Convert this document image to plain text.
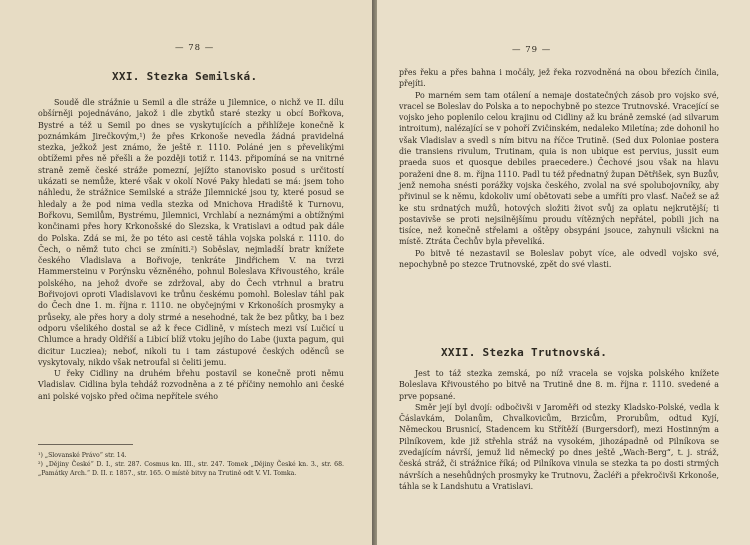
— 78 —
XXI. Stezka Semilská.
Soudě dle strážnie u Semil a dle stráže u Jilemnice, o nichž ve II. dílu obšírněji pojednáváno, jakož i dle zbytků staré stezky u obcí Bořkova, Bystré a též u Semil po dnes se vyskytujících a přihlížeje konečně k poznámkám Jirečkovým,¹) že přes Krkonoše nevedla žádná pravidelná stezka, ježkož jest známo, že ještě r. 1110. Poláné jen s převelikými obtížemi přes ně přešli a že později totiž r. 1143. připomíná se na vnitrné straně země české stráže pomezní, jejížto stanovisko posud s určitostí ukázati se nemůže, které však v okolí Nové Paky hledati se má: jsem toho náhledu, že strážnice Semilské a stráže Jilemnické jsou ty, které posud se hledaly a že pod nima vedla stezka od Mnichova Hradiště k Turnovu, Bořkovu, Semilům, Bystrému, Jilemnici, Vrchlabí a neznámými a obtížnými končinami přes hory Krkonošské do Slezska, k Vratislavi a odtud pak dále do Polska. Zdá se mi, že po této asi cestě táhla vojska polská r. 1110. do Čech, o němž tuto chci se zmíniti.²) Soběslav, nejmladší bratr knížete českého Vladislava a Bořivoje, tenkráte Jindřichem V. na tvrzi Hammersteinu v Porýnsku vězněného, pohnul Boleslava Křivoustého, krále polského, na jehož dvoře se zdržoval, aby do Čech vtrhnul a bratru Bořivojovi oproti Vladislavovi ke trůnu českému pomohl. Boleslav táhl pak do Čech dne 1. m. října r. 1110. ne obyčejnými v Krkonoších prosmyky a průseky, ale přes hory a doly strmé a nesehodné, tak že bez půtky, ba i bez odporu všelikého dostal se až k řece Cidlině, v místech mezi vsí Lučicí u Chlumce a hrady Oldřiší a Libicí blíž vtoku jejího do Labe (juxta pagum, qui dicitur Lucziea); neboť, nikoli tu i tam zástupové českých oděnců se vyskytovaly, nikdo však netroufal si čeliti jemu.
U řeky Cidliny na druhém břehu postavil se konečně proti němu Vladislav. Cidlina byla tehdáž rozvodněna a z té příčiny nemohlo ani české ani polské vojsko před očima nepřítele svého
¹) „Slovanské Právo“ str. 14.
²) „Dějiny České“ D. I., str. 287. Cosmus kn. III., str. 247. Tomek „Dějiny České kn. 3., str. 68. „Památky Arch.“ D. II. r. 1857., str. 165. O místě bitvy na Trutině odt V. VI. Tomka.
— 79 —
přes řeku a přes bahna i močály, jež řeka rozvodněná na obou březích činila, přejíti.
Po marném sem tam otálení a nemaje dostatečných zásob pro vojsko své, vracel se Boleslav do Polska a to nepochybně po stezce Trutnovské. Vracející se vojsko jeho poplenilo celou krajinu od Cidliny až ku bráně zemské (ad silvarum introitum), nalézající se v pohoří Zvičinském, nedaleko Miletína; zde dohonil ho však Vladislav a svedl s ním bitvu na říčce Trutině. (Sed dux Poloniae postera die transiens rivulum, Trutinam, quia is non ubique est pervius, jussit eum praeda suos et quosque debiles praecedere.) Čechové jsou však na hlavu poraženi dne 8. m. října 1110. Padl tu též přednatný župan Dětřišek, syn Buzův, jenž nemoha snésti porážky vojska českého, zvolal na své spolubojovníky, aby přivinul se k němu, kdokoliv umí obětovati sebe a umříti pro vlasť. Načež se až ke stu srdnatých mužů, hotových složiti život svůj za oplatu nejkrutější; ti postavivše se proti nejsilnějšímu proudu vítězných nepřátel, pobili jich na tisíce, než konečně střelami a oštěpy obsypáni jsouce, zahynuli všickni na místě. Ztráta Čechův byla převeliká.
Po bitvě té nezastavil se Boleslav pobyt více, ale odvedl vojsko své, nepochybně po stezce Trutnovské, zpět do své vlasti.
XXII. Stezka Trutnovská.
Jest to táž stezka zemská, po níž vracela se vojska polského knížete Boleslava Křivoustého po bitvě na Trutině dne 8. m. října r. 1110. svedené a prve popsané.
Směr její byl dvojí: odbočivši v Jaroměři od stezky Kladsko-Polské, vedla k Čáslavkám, Dolanům, Chvalkovicům, Brzicům, Prorubům, odtud Kyjí, Německou Brusnicí, Stadencem ku Střítěží (Burgersdorf), mezi Hostinným a Pilníkovem, kde již střehla stráž na vysokém, jihozápadně od Pilníkova se zvedajícím návrší, jemuž lid německý po dnes ještě „Wach-Berg“, t. j. stráž, česká stráž, či strážnice říká; od Pilníkova vinula se stezka ta po dosti strmých návrších a nesehůdných prosmyky ke Trutnovu, Žacléři a překročivši Krkonoše, táhla se k Landshutu a Vratislavi.
